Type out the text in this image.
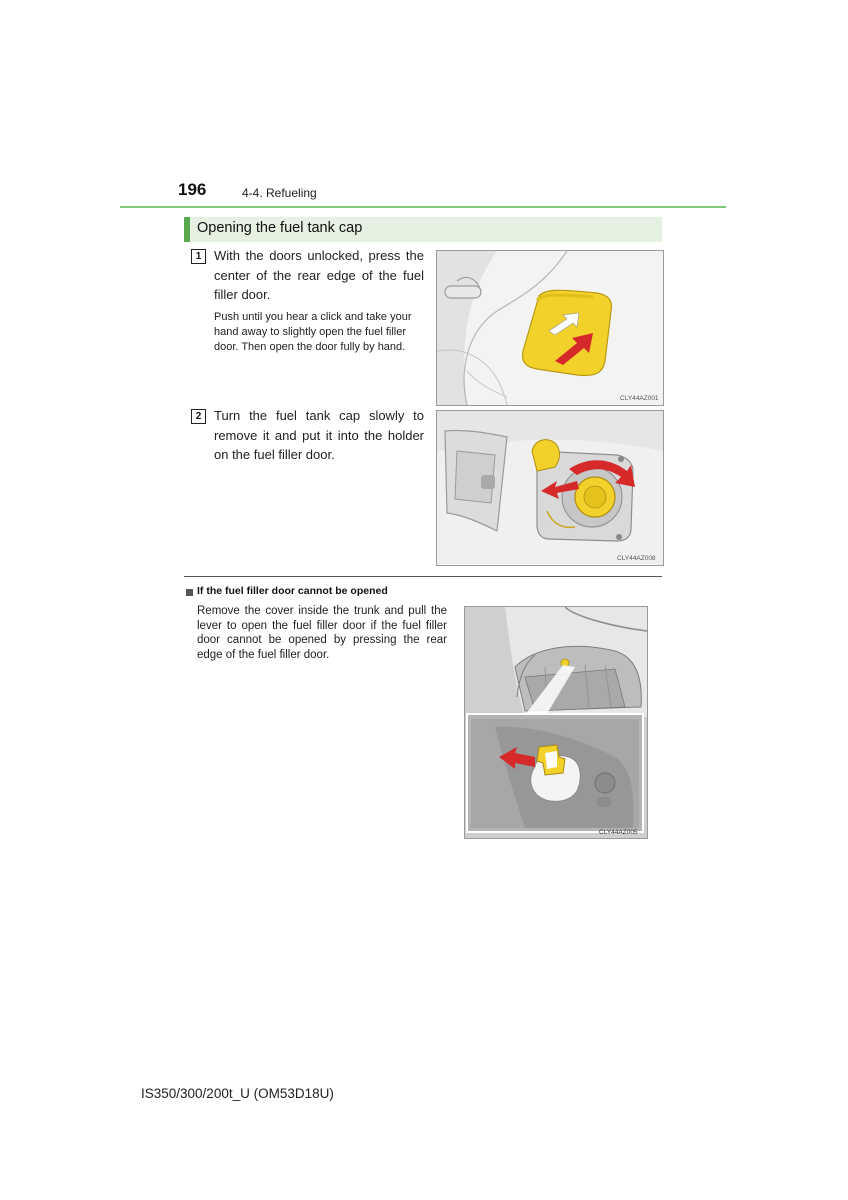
196	4-4. Refueling
Opening the fuel tank cap
1 With the doors unlocked, press the center of the rear edge of the fuel filler door.
Push until you hear a click and take your hand away to slightly open the fuel filler door. Then open the door fully by hand.
CLY44AZ001
2 Turn the fuel tank cap slowly to remove it and put it into the holder on the fuel filler door.
CLY44AZ008
If the fuel filler door cannot be opened
Remove the cover inside the trunk and pull the lever to open the fuel filler door if the fuel filler door cannot be opened by pressing the rear edge of the fuel filler door.
CLY44AZ005
IS350/300/200t_U (OM53D18U)
